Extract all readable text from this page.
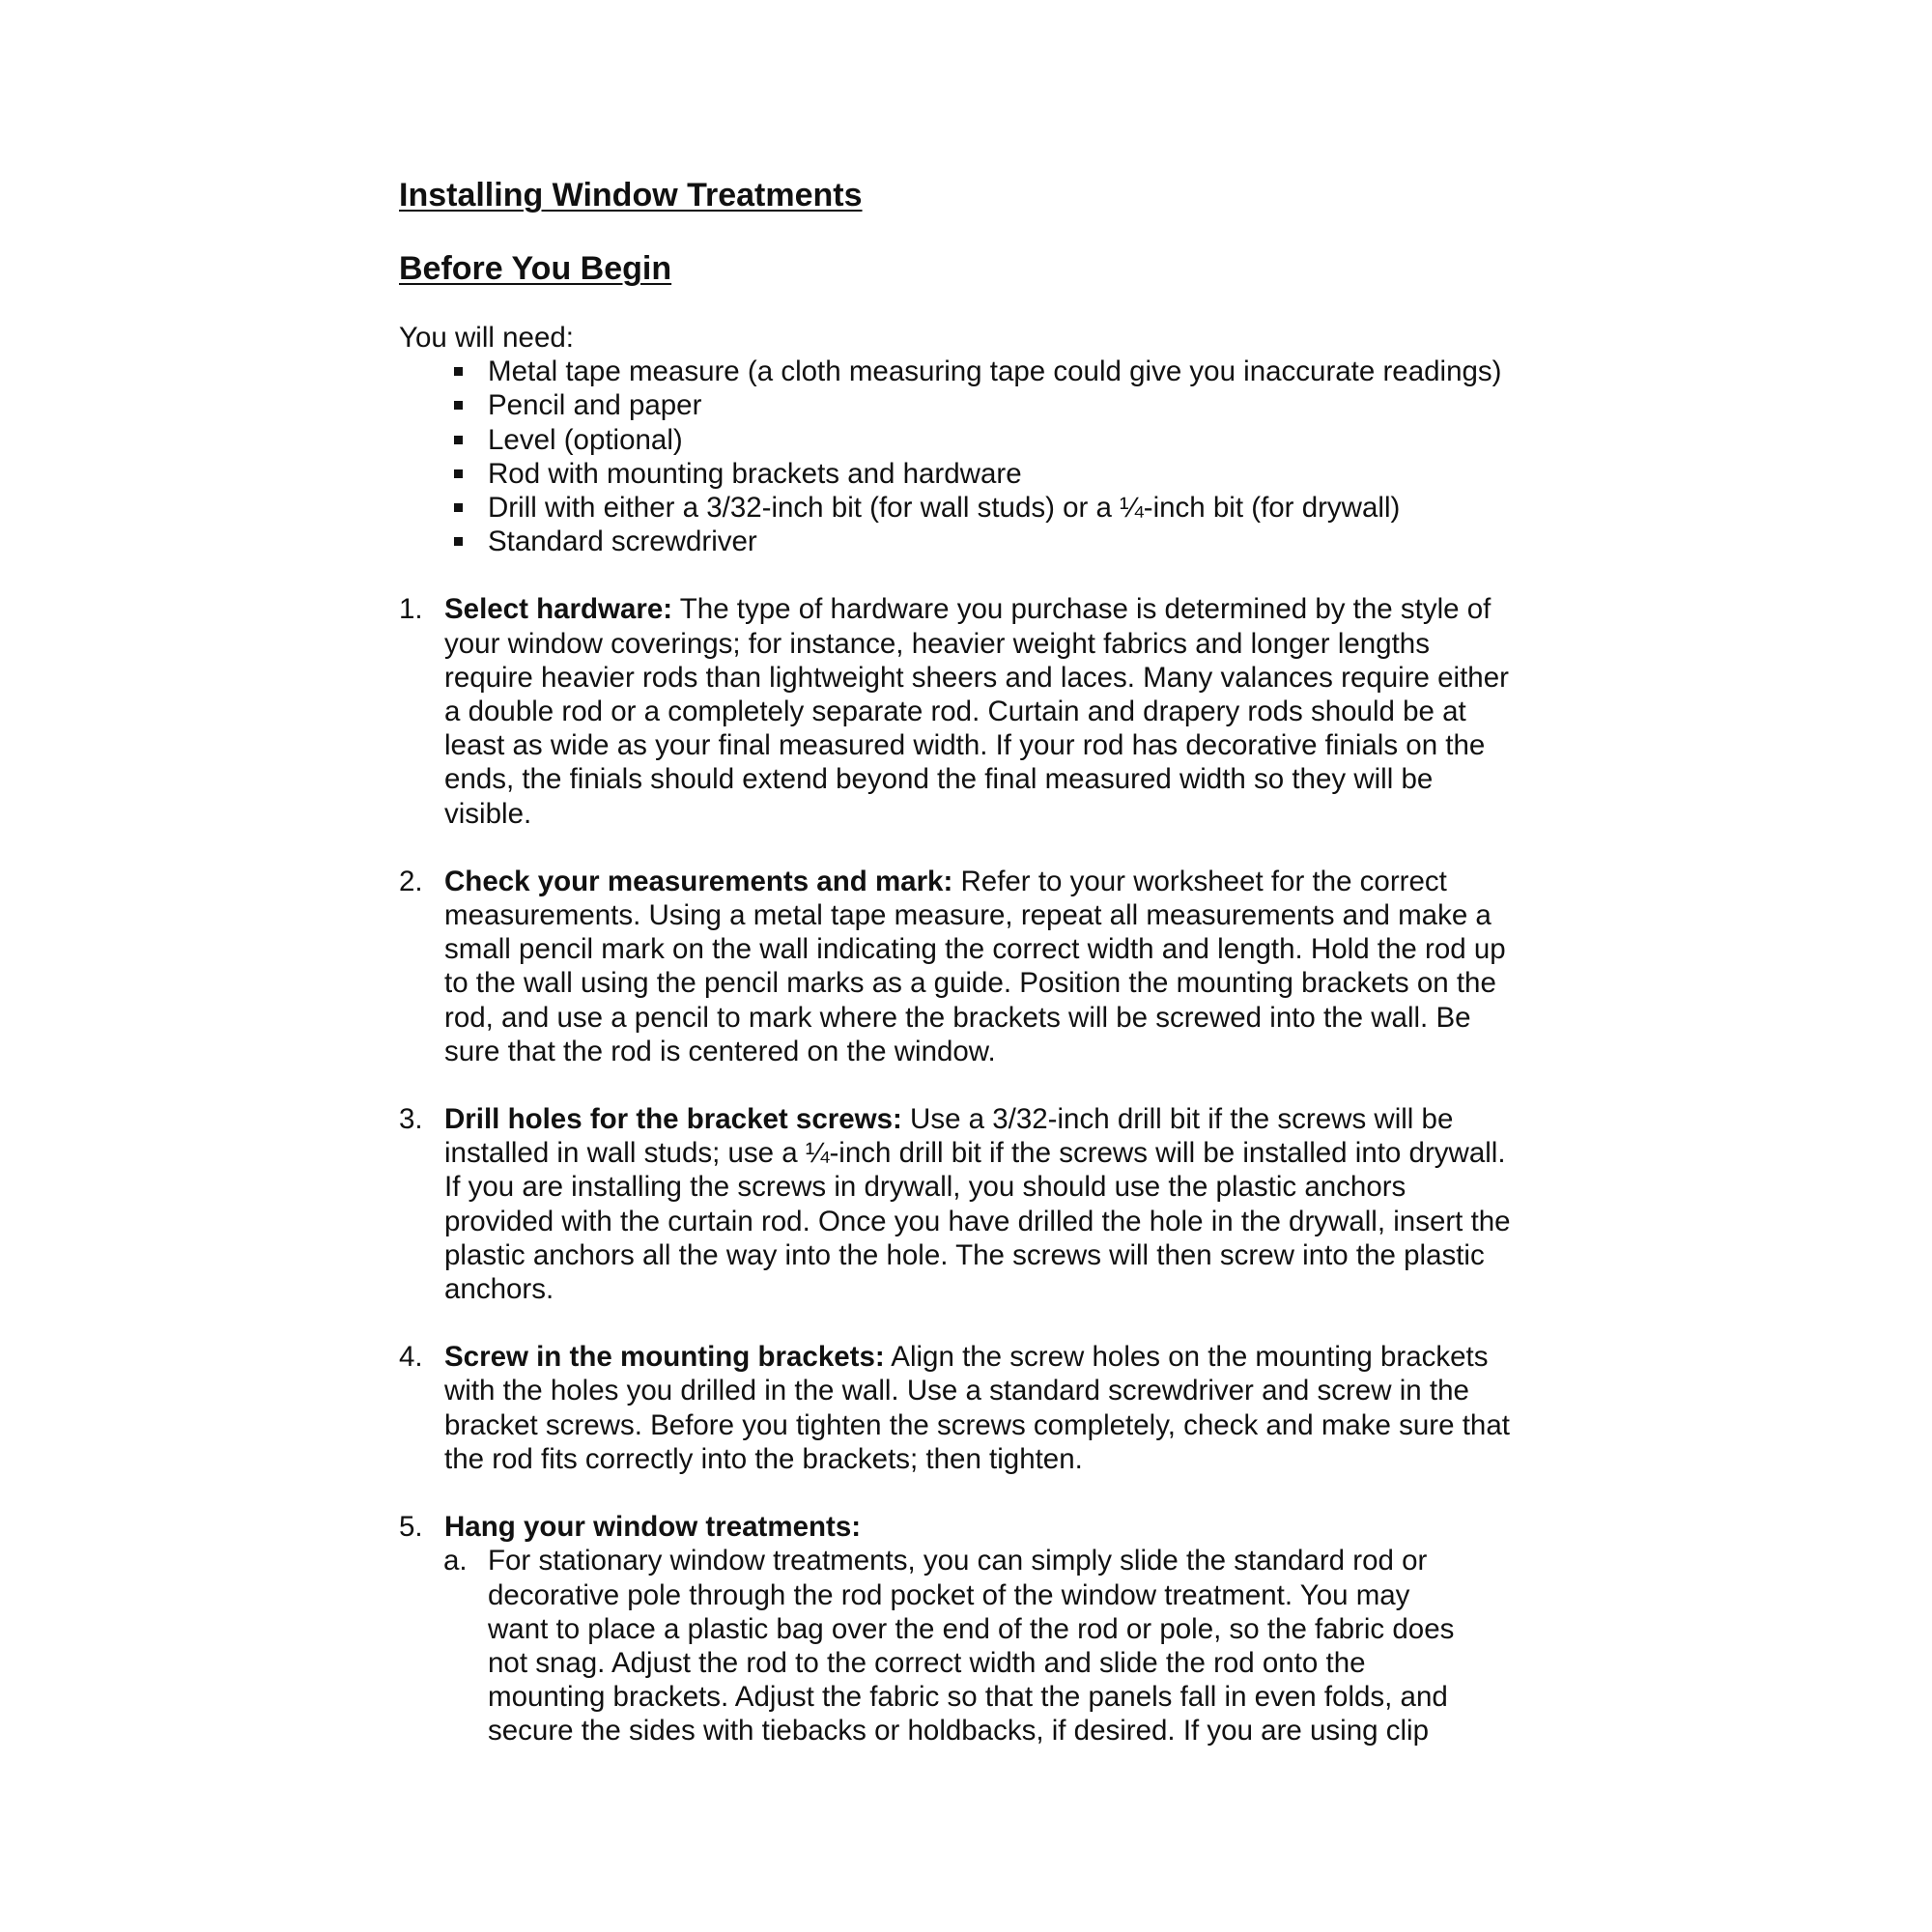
Installing Window Treatments
Before You Begin

You will need:

Metal tape measure (a cloth measuring tape could give you inaccurate readings)
Pencil and paper
Level (optional)
Rod with mounting brackets and hardware
Drill with either a 3/32-inch bit (for wall studs) or a ¼-inch bit (for drywall)
Standard screwdriver
1. Select hardware: The type of hardware you purchase is determined by the style of
your window coverings; for instance, heavier weight fabrics and longer lengths
require heavier rods than lightweight sheers and laces. Many valances require either
a double rod or a completely separate rod. Curtain and drapery rods should be at
least as wide as your final measured width. If your rod has decorative finials on the
ends, the finials should extend beyond the final measured width so they will be
visible.
2. Check your measurements and mark: Refer to your worksheet for the correct
measurements. Using a metal tape measure, repeat all measurements and make a
small pencil mark on the wall indicating the correct width and length. Hold the rod up
to the wall using the pencil marks as a guide. Position the mounting brackets on the
rod, and use a pencil to mark where the brackets will be screwed into the wall. Be
sure that the rod is centered on the window.
3. Drill holes for the bracket screws: Use a 3/32-inch drill bit if the screws will be
installed in wall studs; use a ¼-inch drill bit if the screws will be installed into drywall.
If you are installing the screws in drywall, you should use the plastic anchors
provided with the curtain rod. Once you have drilled the hole in the drywall, insert the
plastic anchors all the way into the hole. The screws will then screw into the plastic
anchors.
4. Screw in the mounting brackets: Align the screw holes on the mounting brackets
with the holes you drilled in the wall. Use a standard screwdriver and screw in the
bracket screws. Before you tighten the screws completely, check and make sure that
the rod fits correctly into the brackets; then tighten.
5. Hang your window treatments:
a. For stationary window treatments, you can simply slide the standard rod or
decorative pole through the rod pocket of the window treatment. You may
want to place a plastic bag over the end of the rod or pole, so the fabric does
not snag. Adjust the rod to the correct width and slide the rod onto the
mounting brackets. Adjust the fabric so that the panels fall in even folds, and
secure the sides with tiebacks or holdbacks, if desired. If you are using clip
